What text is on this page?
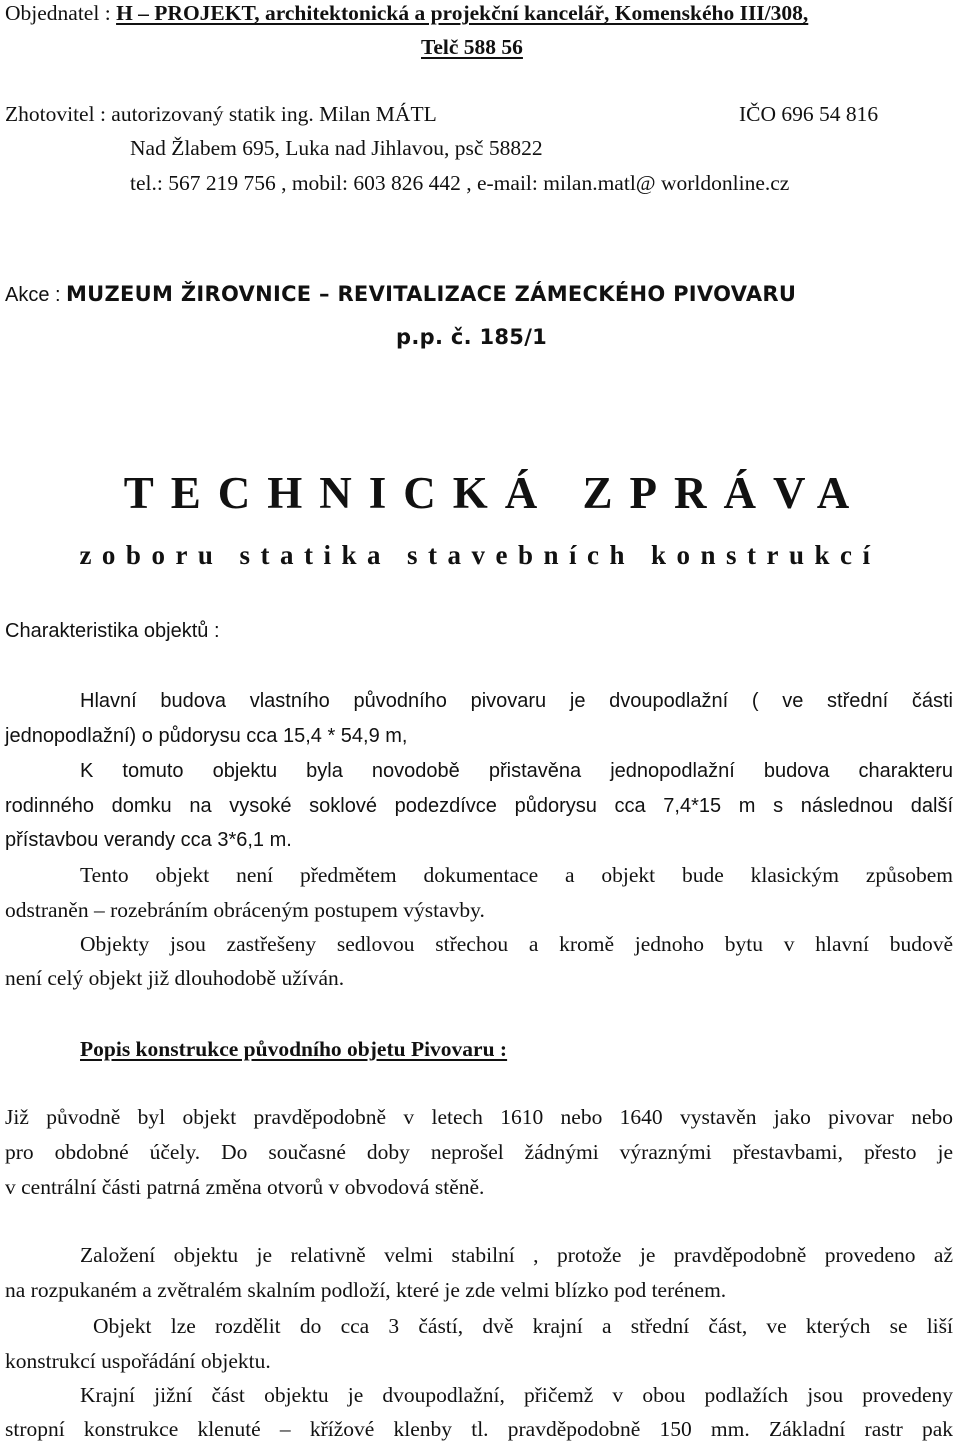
Objednatel : H – PROJEKT, architektonická a projekční kancelář, Komenského III/308,
Telč 588 56
Zhotovitel : autorizovaný statik ing. Milan MÁTL	IČO 696 54 816
Nad Žlabem 695, Luka nad Jihlavou, psč 58822
tel.: 567 219 756 , mobil: 603 826 442 , e-mail: milan.matl@ worldonline.cz
Akce : MUZEUM ŽIROVNICE – REVITALIZACE ZÁMECKÉHO PIVOVARU
p.p. č. 185/1
TECHNICKÁ ZPRÁVA
zoboru statika stavebních konstrukcí
Charakteristika objektů :
Hlavní budova vlastního původního pivovaru je dvoupodlažní ( ve střední části
jednopodlažní) o půdorysu cca 15,4 * 54,9 m,
K tomuto objektu byla novodobě přistavěna jednopodlažní budova charakteru
rodinného domku na vysoké soklové podezdívce půdorysu cca 7,4*15 m s následnou další
přístavbou verandy cca 3*6,1 m.
Tento objekt není předmětem dokumentace a objekt bude klasickým způsobem
odstraněn – rozebráním obráceným postupem výstavby.
Objekty jsou zastřešeny sedlovou střechou a kromě jednoho bytu v hlavní budově
není celý objekt již dlouhodobě užíván.
Popis konstrukce původního objetu Pivovaru :
Již původně byl objekt pravděpodobně v letech 1610 nebo 1640 vystavěn jako pivovar nebo
pro obdobné účely. Do současné doby neprošel žádnými výraznými přestavbami, přesto je
v centrální části patrná změna otvorů v obvodová stěně.
Založení objektu je relativně velmi stabilní , protože je pravděpodobně provedeno až
na rozpukaném a zvětralém skalním podloží, které je zde velmi blízko pod terénem.
Objekt lze rozdělit do cca 3 částí, dvě krajní a střední část, ve kterých se liší
konstrukcí uspořádání objektu.
Krajní jižní část objektu je dvoupodlažní, přičemž v obou podlažích jsou provedeny
stropní konstrukce klenuté – křížové klenby tl. pravděpodobně 150 mm. Základní rastr pak
